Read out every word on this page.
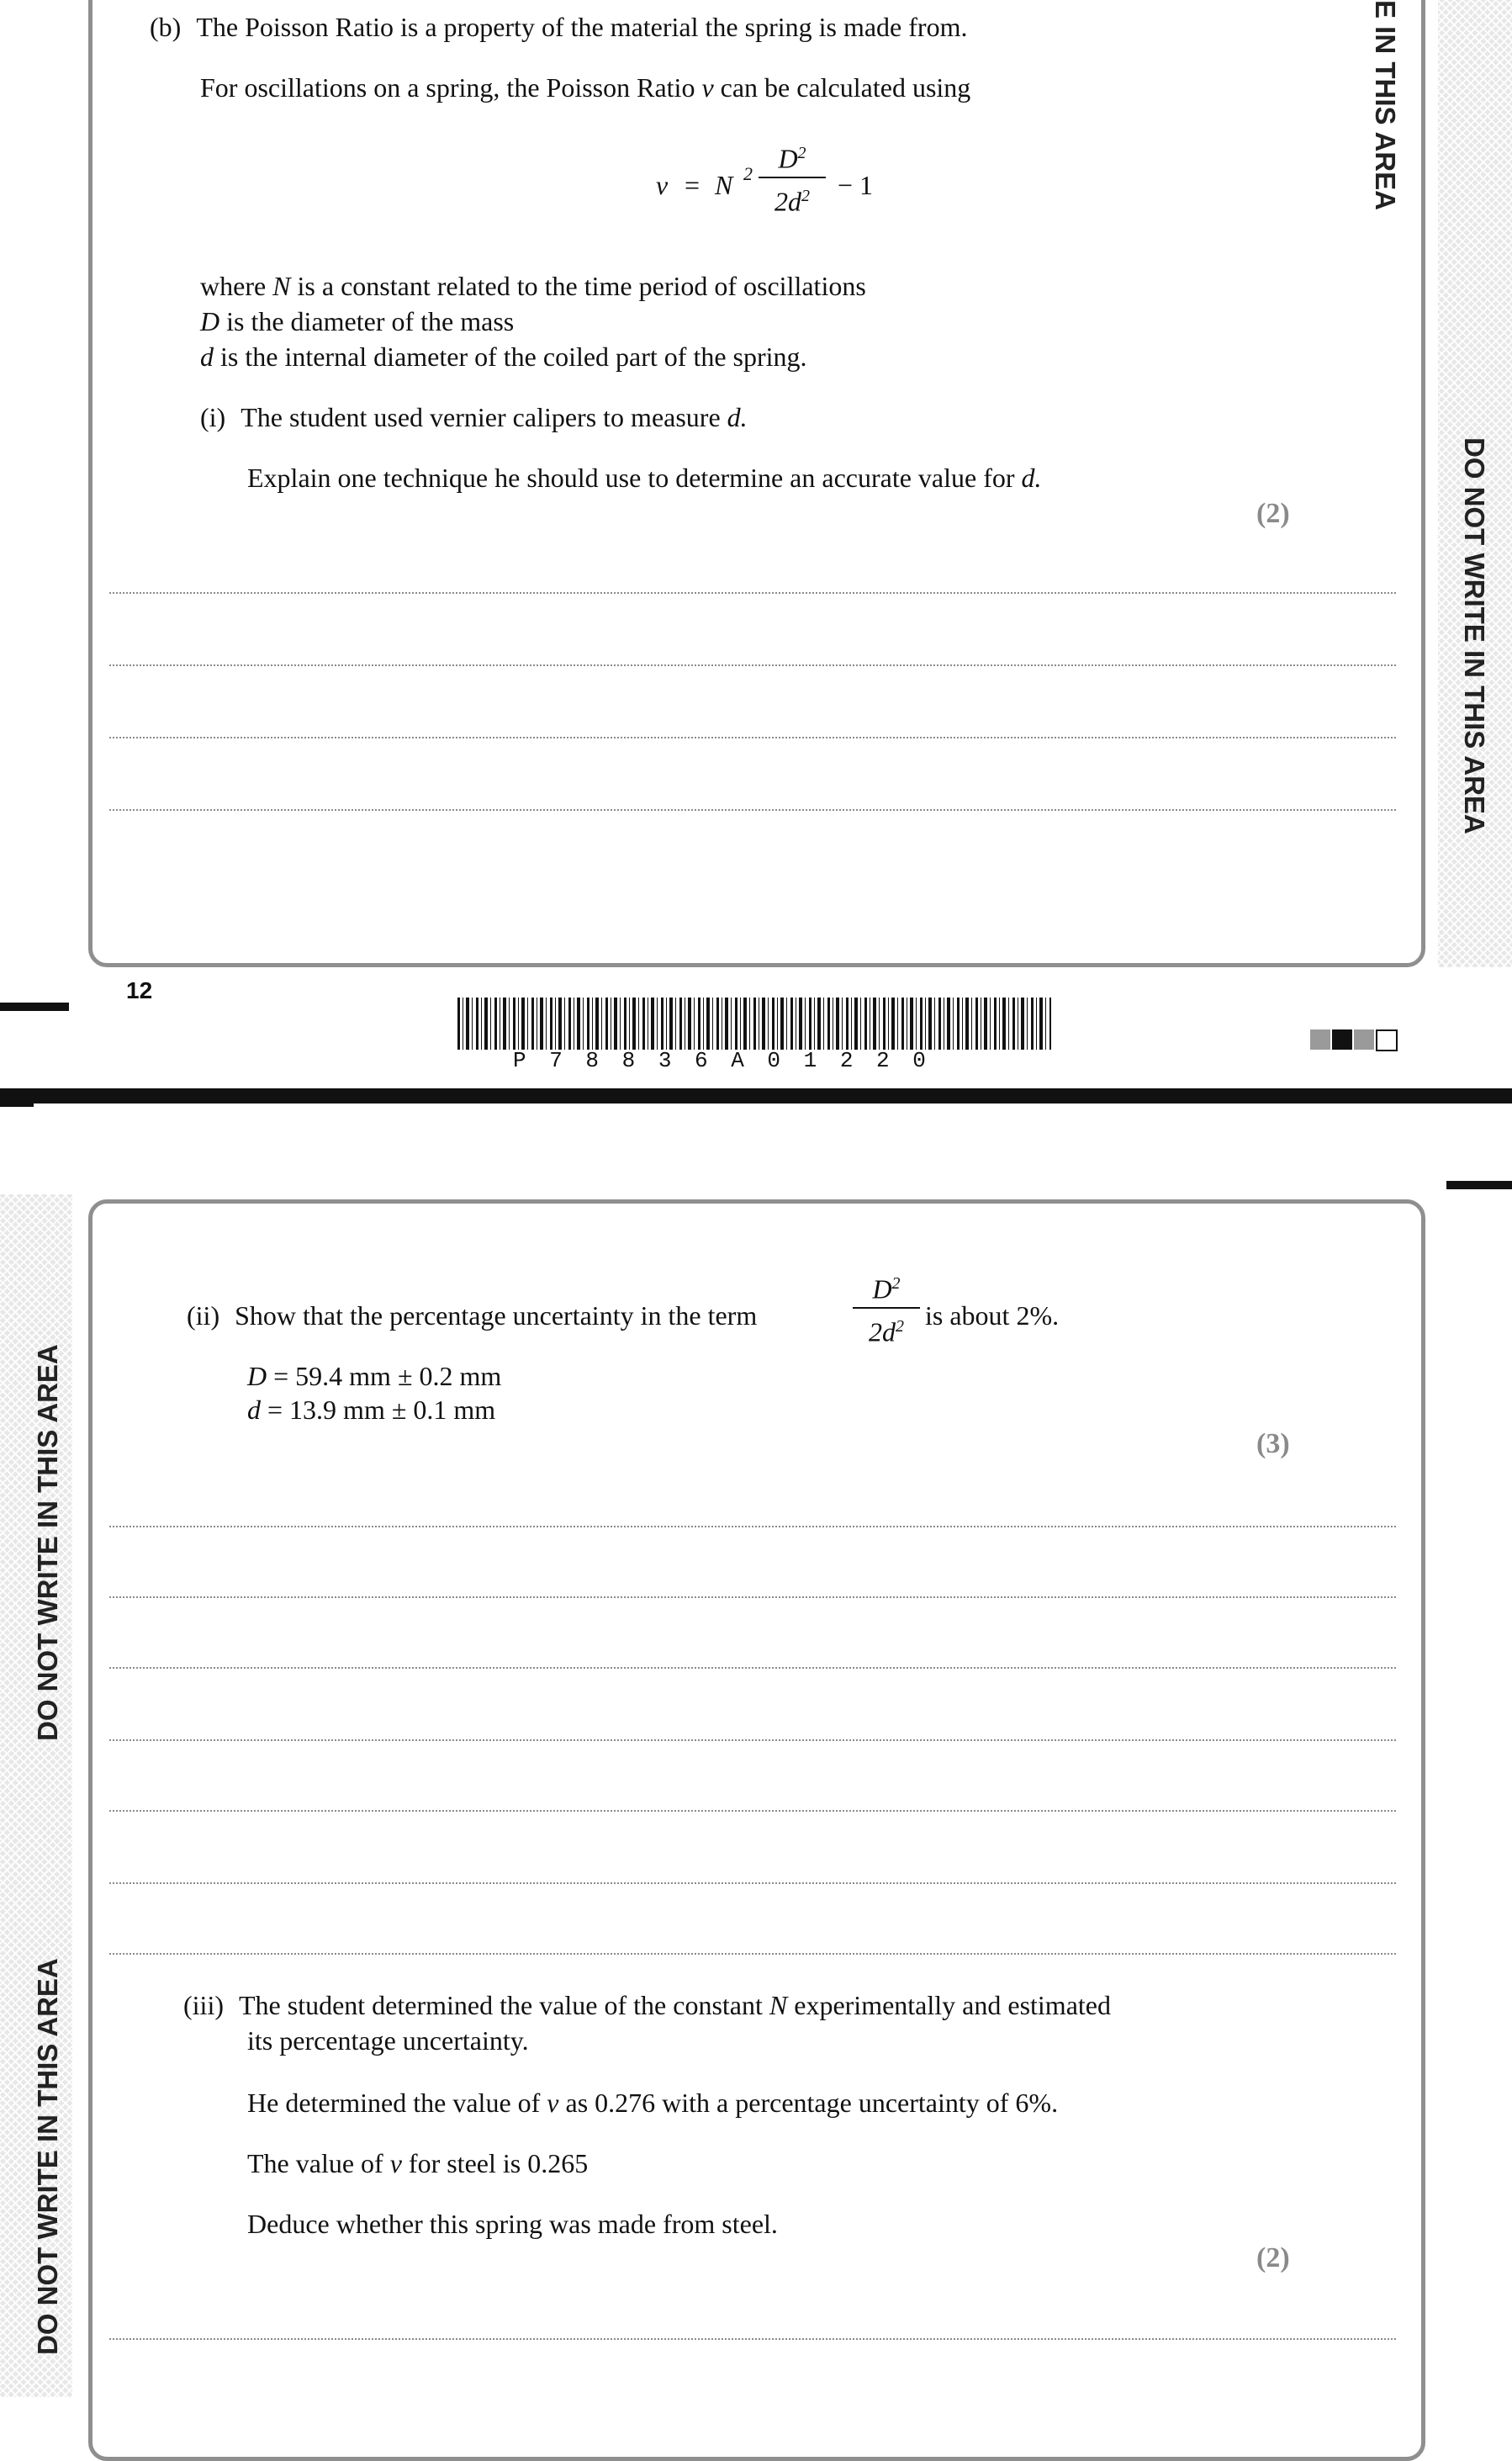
E IN THIS AREA
DO NOT WRITE IN THIS AREA
(b) The Poisson Ratio is a property of the material the spring is made from.
For oscillations on a spring, the Poisson Ratio v can be calculated using
v = N 2 $D^2$
$2d^2$	− 1
where N is a constant related to the time period of oscillations
D is the diameter of the mass
d is the internal diameter of the coiled part of the spring.
(i) The student used vernier calipers to measure d.
Explain one technique he should use to determine an accurate value for d.
(2)
12
P 7 8 8 3 6 A 0 1 2 2 0
DO NOT WRITE IN THIS AREA
DO NOT WRITE IN THIS AREA
(ii) Show that the percentage uncertainty in the term
$D^2$
$2d^2$ is about 2%.
D = 59.4 mm ± 0.2 mm
d = 13.9 mm ± 0.1 mm
(3)
(iii) The student determined the value of the constant N experimentally and estimated
its percentage uncertainty.
He determined the value of v as 0.276 with a percentage uncertainty of 6%.
The value of v for steel is 0.265
Deduce whether this spring was made from steel.
(2)
